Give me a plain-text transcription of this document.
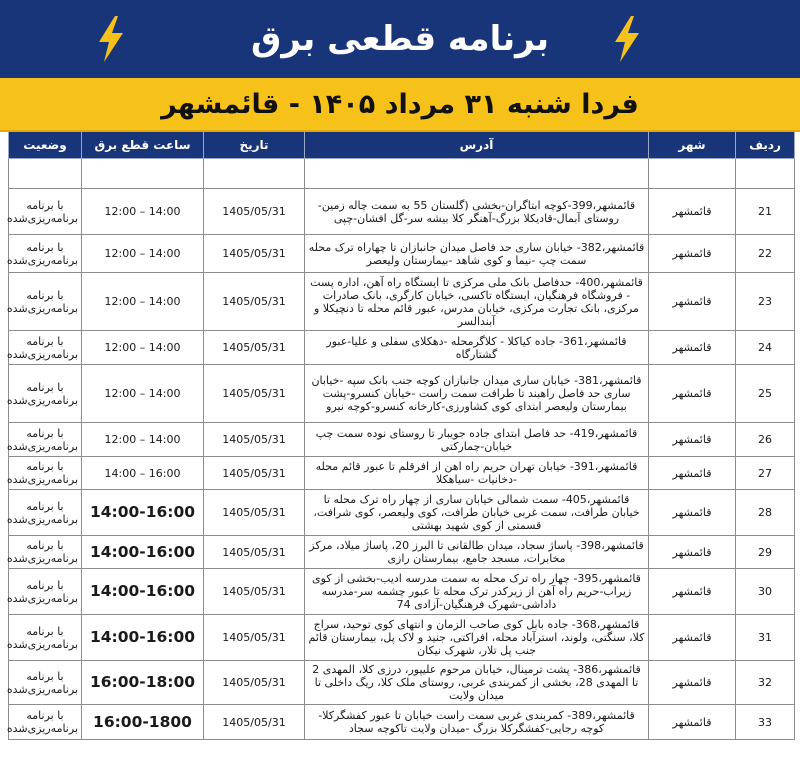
برنامه قطعی برق
فردا شنبه ۳۱ مرداد ۱۴۰۵ - قائمشهر
ردیف	شهر	آدرس	تاریخ	ساعت قطع برق	وضعیت

21	قائمشهر	قائمشهر،399-کوچه ابتاگران-بخشی (گلستان 55 به سمت چاله زمین-روستای آبمال-قادیکلا بزرگ-آهنگر کلا بیشه سر-گل افشان-چپی	1405/05/31	12:00 – 14:00	با برنامه برنامه‌ریزی‌شده
22	قائمشهر	قائمشهر،382- خیابان ساری حد فاصل میدان جانبازان تا چهاراه ترک محله سمت چپ -نیما و کوی شاهد -بیمارستان ولیعصر	1405/05/31	12:00 – 14:00	با برنامه برنامه‌ریزی‌شده
23	قائمشهر	قائمشهر،400- حدفاصل بانک ملی مرکزی تا ایستگاه راه آهن، اداره پست - فروشگاه فرهنگیان، ایستگاه تاکسی، خیابان کارگری، بانک صادرات مرکزی، بانک تجارت مرکزی، خیابان مدرس، عبور قائم محله تا دنچیکلا و آبندالسر	1405/05/31	12:00 – 14:00	با برنامه برنامه‌ریزی‌شده
24	قائمشهر	قائمشهر،361- جاده کیاکلا - کلاگرمحله -دهکلای سفلی و علیا-عبور گشتارگاه	1405/05/31	12:00 – 14:00	با برنامه برنامه‌ریزی‌شده
25	قائمشهر	قائمشهر،381- خیابان ساری میدان جانبازان کوچه جنب بانک سپه -خیابان ساری حد فاصل راهبند تا طرافت سمت راست -خیابان کنسرو-پشت بیمارستان ولیعصر ابتدای کوی کشاورزی-کارخانه کنسرو-کوچه نیرو	1405/05/31	12:00 – 14:00	با برنامه برنامه‌ریزی‌شده
26	قائمشهر	قائمشهر،419- حد فاصل ابتدای جاده جویبار تا روستای نوده سمت چپ خیابان-چمارکتی	1405/05/31	12:00 – 14:00	با برنامه برنامه‌ریزی‌شده
27	قائمشهر	قائمشهر،391- خیابان تهران حریم راه اهن از افرقلم تا عبور قائم محله -دخانیات -سیاهکلا	1405/05/31	14:00 – 16:00	با برنامه برنامه‌ریزی‌شده
28	قائمشهر	قائمشهر،405- سمت شمالی خیابان ساری از چهار راه ترک محله تا خیابان طرافت، سمت غربی خیابان طرافت، کوی ولیعصر، کوی شرافت، قسمتی از کوی شهید بهشتی	1405/05/31	14:00-16:00	با برنامه برنامه‌ریزی‌شده
29	قائمشهر	قائمشهر،398- پاساژ سجاد، میدان طالقانی تا البرز 20، پاساژ میلاد، مرکز مخابرات، مسجد جامع، بیمارستان رازی	1405/05/31	14:00-16:00	با برنامه برنامه‌ریزی‌شده
30	قائمشهر	قائمشهر،395- چهار راه ترک محله به سمت مدرسه ادیب-بخشی از کوی زیراب-حریم راه آهن از زیرکدر ترک محله تا عبور چشمه سر-مدرسه داداشی-شهرک فرهنگیان-آزادی 74	1405/05/31	14:00-16:00	با برنامه برنامه‌ریزی‌شده
31	قائمشهر	قائمشهر،368- جاده بابل کوی صاحب الزمان و انتهای کوی توحید، سراج کلا، سنگتی، ولوند، استرآباد محله، افراکتی، جنید و لاک پل، بیمارستان قائم جنب پل تلار، شهرک نیکان	1405/05/31	14:00-16:00	با برنامه برنامه‌ریزی‌شده
32	قائمشهر	قائمشهر،386- پشت ترمینال، خیابان مرحوم علیپور، درزی کلا، المهدی 2 تا المهدی 28، بخشی از کمربندی غربی، روستای ملک کلا، ریگ داخلی تا میدان ولایت	1405/05/31	16:00-18:00	با برنامه برنامه‌ریزی‌شده
33	قائمشهر	قائمشهر،389- کمربندی غربی سمت راست خیابان تا عبور کفشگرکلا-کوچه رجایی-کفشگرکلا بزرگ -میدان ولایت تاکوچه سجاد	1405/05/31	16:00-1800	با برنامه برنامه‌ریزی‌شده
